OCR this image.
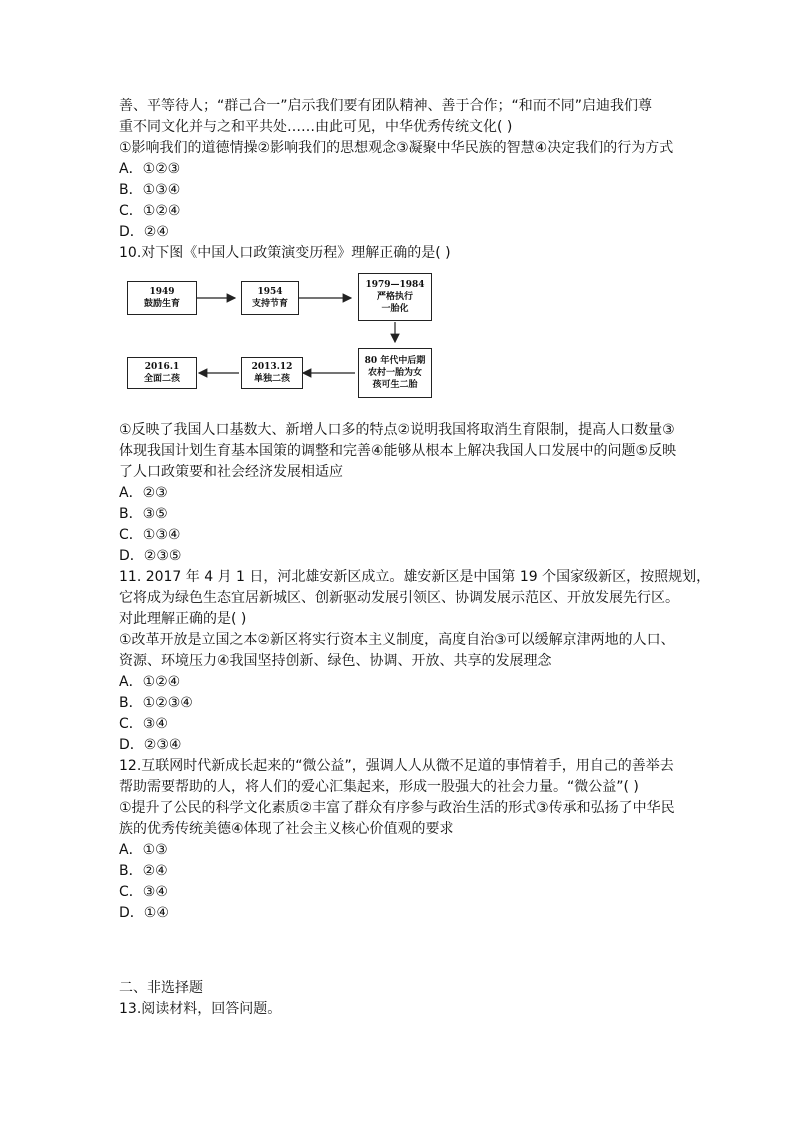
善、平等待人；“群己合一”启示我们要有团队精神、善于合作；“和而不同”启迪我们尊
重不同文化并与之和平共处……由此可见，中华优秀传统文化( )
①影响我们的道德情操②影响我们的思想观念③凝聚中华民族的智慧④决定我们的行为方式
A．①②③
B．①③④
C．①②④
D．②④
10.对下图《中国人口政策演变历程》理解正确的是( )
1949
鼓励生育
1954
支持节育
1979—1984
严格执行
一胎化
80 年代中后期
农村一胎为女
孩可生二胎
2013.12
单独二孩
2016.1
全面二孩
①反映了我国人口基数大、新增人口多的特点②说明我国将取消生育限制，提高人口数量③
体现我国计划生育基本国策的调整和完善④能够从根本上解决我国人口发展中的问题⑤反映
了人口政策要和社会经济发展相适应
A．②③
B．③⑤
C．①③④
D．②③⑤
11. 2017 年 4 月 1 日，河北雄安新区成立。雄安新区是中国第 19 个国家级新区，按照规划，
它将成为绿色生态宜居新城区、创新驱动发展引领区、协调发展示范区、开放发展先行区。
对此理解正确的是( )
①改革开放是立国之本②新区将实行资本主义制度，高度自治③可以缓解京津两地的人口、
资源、环境压力④我国坚持创新、绿色、协调、开放、共享的发展理念
A．①②④
B．①②③④
C．③④
D．②③④
12.互联网时代新成长起来的“微公益”，强调人人从微不足道的事情着手，用自己的善举去
帮助需要帮助的人，将人们的爱心汇集起来，形成一股强大的社会力量。“微公益”( )
①提升了公民的科学文化素质②丰富了群众有序参与政治生活的形式③传承和弘扬了中华民
族的优秀传统美德④体现了社会主义核心价值观的要求
A．①③
B．②④
C．③④
D．①④
二、非选择题
13.阅读材料，回答问题。
